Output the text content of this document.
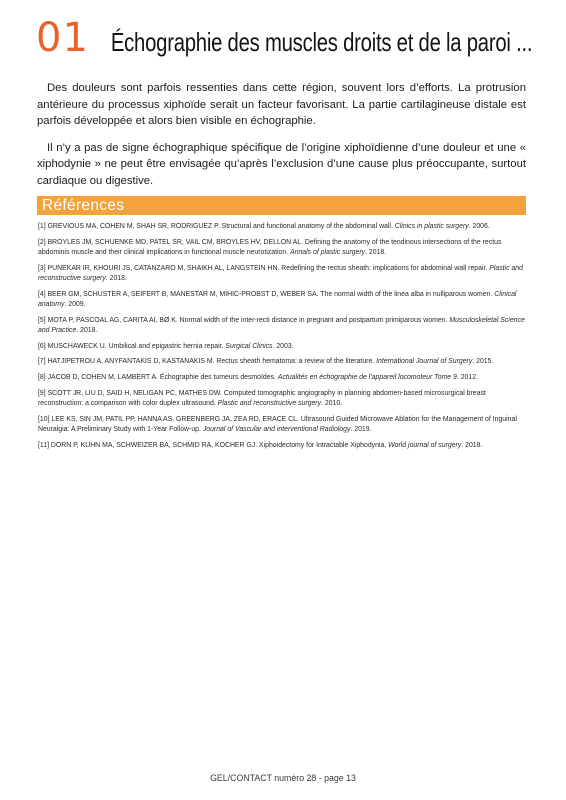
01 Échographie des muscles droits et de la paroi ...

Des douleurs sont parfois ressenties dans cette région, souvent lors d’efforts. La protrusion antérieure du processus xiphoïde serait un facteur favorisant. La partie cartilagineuse distale est parfois développée et alors bien visible en échographie.

Il n’y a pas de signe échographique spécifique de l’origine xiphoïdienne d’une douleur et une « xiphodynie » ne peut être envisagée qu’après l’exclusion d’une cause plus préoccupante, surtout cardiaque ou digestive.

Références
[1] GREVIOUS MA, COHEN M, SHAH SR, RODRIGUEZ P. Structural and functional anatomy of the abdominal wall. Clinics in plastic surgery. 2006.
[2] BROYLES JM, SCHUENKE MD, PATEL SR, VAIL CM, BROYLES HV, DELLON AL. Defining the anatomy of the tendinous intersections of the rectus abdominis muscle and their clinical implications in functional muscle neurotization. Annals of plastic surgery. 2018.
[3] PUNEKAR IR, KHOURI JS, CATANZARO M, SHAIKH AL, LANGSTEIN HN. Redefining the rectus sheath: implications for abdominal wall repair. Plastic and reconstructive surgery. 2018.
[4] BEER GM, SCHUSTER A, SEIFERT B, MANESTAR M, MIHIC-PROBST D, WEBER SA. The normal width of the linea alba in nulliparous women. Clinical anatomy. 2009.
[5] MOTA P, PASCOAL AG, CARITA AI, BØ K. Normal width of the inter-recti distance in pregnant and postpartum primiparous women. Musculoskeletal Science and Practice. 2018.
[6] MUSCHAWECK U. Umbilical and epigastric hernia repair. Surgical Clinics. 2003.
[7] HATJIPETROU A, ANYFANTAKIS D, KASTANAKIS M. Rectus sheath hematoma: a review of the literature. International Journal of Surgery. 2015.
[8] JACOB D, COHEN M, LAMBERT A. Échographie des tumeurs desmoïdes. Actualités en échographie de l’appareil locomoteur Tome 9. 2012.
[9] SCOTT JR, LIU D, SAID H, NELIGAN PC, MATHES DW. Computed tomographic angiography in planning abdomen-based microsurgical breast reconstruction: a comparison with color duplex ultrasound. Plastic and reconstructive surgery. 2010.
[10] LEE KS, SIN JM, PATIL PP, HANNA AS, GREENBERG JA, ZEA RD, ERACE CL. Ultrasound Guided Microwave Ablation for the Management of Inguinal Neuralgia: A Preliminary Study with 1-Year Follow-up. Journal of Vascular and interventional Radiology. 2019.
[11] DORN P, KUHN MA, SCHWEIZER BA, SCHMID RA, KOCHER GJ. Xiphoidectomy for Intractable Xiphodynia. World journal of surgery. 2018.
GEL/CONTACT numéro 28 - page 13
